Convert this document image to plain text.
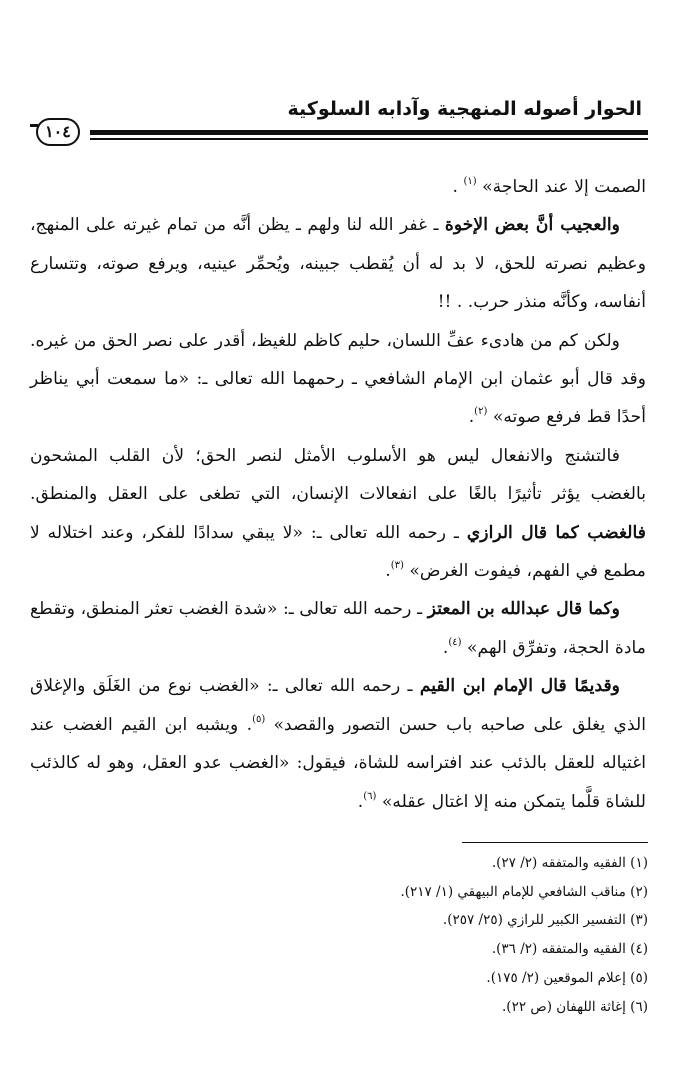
الحوار أصوله المنهجية وآدابه السلوكية
١٠٤

الصمت إلا عند الحاجة» $^{(١)}$ .

والعجيب أنَّ بعض الإخوة ـ غفر الله لنا ولهم ـ يظن أنَّه من تمام غيرته على المنهج، وعظيم نصرته للحق، لا بد له أن يُقطب جبينه، ويُحمِّر عينيه، ويرفع صوته، وتتسارع أنفاسه، وكأنَّه منذر حرب. . !!

ولكن كم من هادىء عفِّ اللسان، حليم كاظم للغيظ، أقدر على نصر الحق من غيره. وقد قال أبو عثمان ابن الإمام الشافعي ـ رحمهما الله تعالى ـ: «ما سمعت أبي يناظر أحدًا قط فرفع صوته» $^{(٢)}$.

فالتشنج والانفعال ليس هو الأسلوب الأمثل لنصر الحق؛ لأن القلب المشحون بالغضب يؤثر تأثيرًا بالغًا على انفعالات الإنسان، التي تطغى على العقل والمنطق. فالغضب كما قال الرازي ـ رحمه الله تعالى ـ: «لا يبقي سدادًا للفكر، وعند اختلاله لا مطمع في الفهم، فيفوت الغرض» $^{(٣)}$.

وكما قال عبدالله بن المعتز ـ رحمه الله تعالى ـ: «شدة الغضب تعثر المنطق، وتقطع مادة الحجة، وتفرِّق الهم» $^{(٤)}$.

وقديمًا قال الإمام ابن القيم ـ رحمه الله تعالى ـ: «الغضب نوع من الغَلَق والإغلاق الذي يغلق على صاحبه باب حسن التصور والقصد» $^{(٥)}$. ويشبه ابن القيم الغضب عند اغتياله للعقل بالذئب عند افتراسه للشاة، فيقول: «الغضب عدو العقل، وهو له كالذئب للشاة قلَّما يتمكن منه إلا اغتال عقله» $^{(٦)}$.

(١) الفقيه والمتفقه (٢/ ٢٧).
(٢) مناقب الشافعي للإمام البيهقي (١/ ٢١٧).
(٣) التفسير الكبير للرازي (٢٥/ ٢٥٧).
(٤) الفقيه والمتفقه (٢/ ٣٦).
(٥) إعلام الموقعين (٢/ ١٧٥).
(٦) إغاثة اللهفان (ص ٢٢).
